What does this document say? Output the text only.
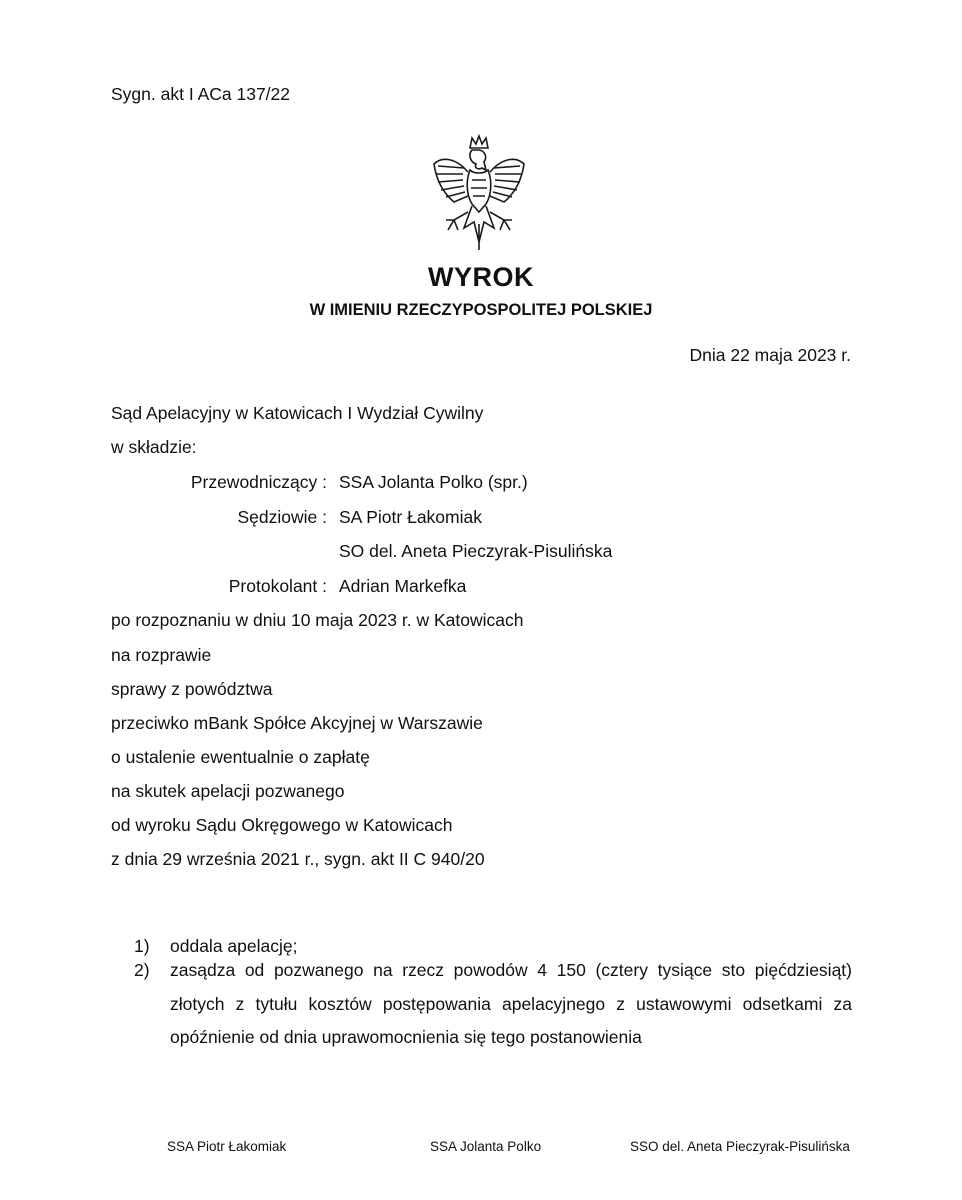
Sygn. akt I ACa 137/22
WYROK
W IMIENIU RZECZYPOSPOLITEJ POLSKIEJ
Dnia 22 maja 2023 r.
Sąd Apelacyjny w Katowicach I Wydział Cywilny
w składzie:
Przewodniczący : SSA Jolanta Polko (spr.)
Sędziowie : SA Piotr Łakomiak
SO del. Aneta Pieczyrak-Pisulińska
Protokolant : Adrian Markefka
po rozpoznaniu w dniu 10 maja 2023 r. w Katowicach
na rozprawie
sprawy z powództwa
przeciwko mBank Spółce Akcyjnej w Warszawie
o ustalenie ewentualnie o zapłatę
na skutek apelacji pozwanego
od wyroku Sądu Okręgowego w Katowicach
z dnia 29 września 2021 r., sygn. akt II C 940/20
1)	oddala apelację;
2)	zasądza od pozwanego na rzecz powodów 4 150 (cztery tysiące sto pięćdziesiąt) złotych z tytułu kosztów postępowania apelacyjnego z ustawowymi odsetkami za opóźnienie od dnia uprawomocnienia się tego postanowienia
SSA Piotr Łakomiak	SSA Jolanta Polko	SSO del. Aneta Pieczyrak-Pisulińska
